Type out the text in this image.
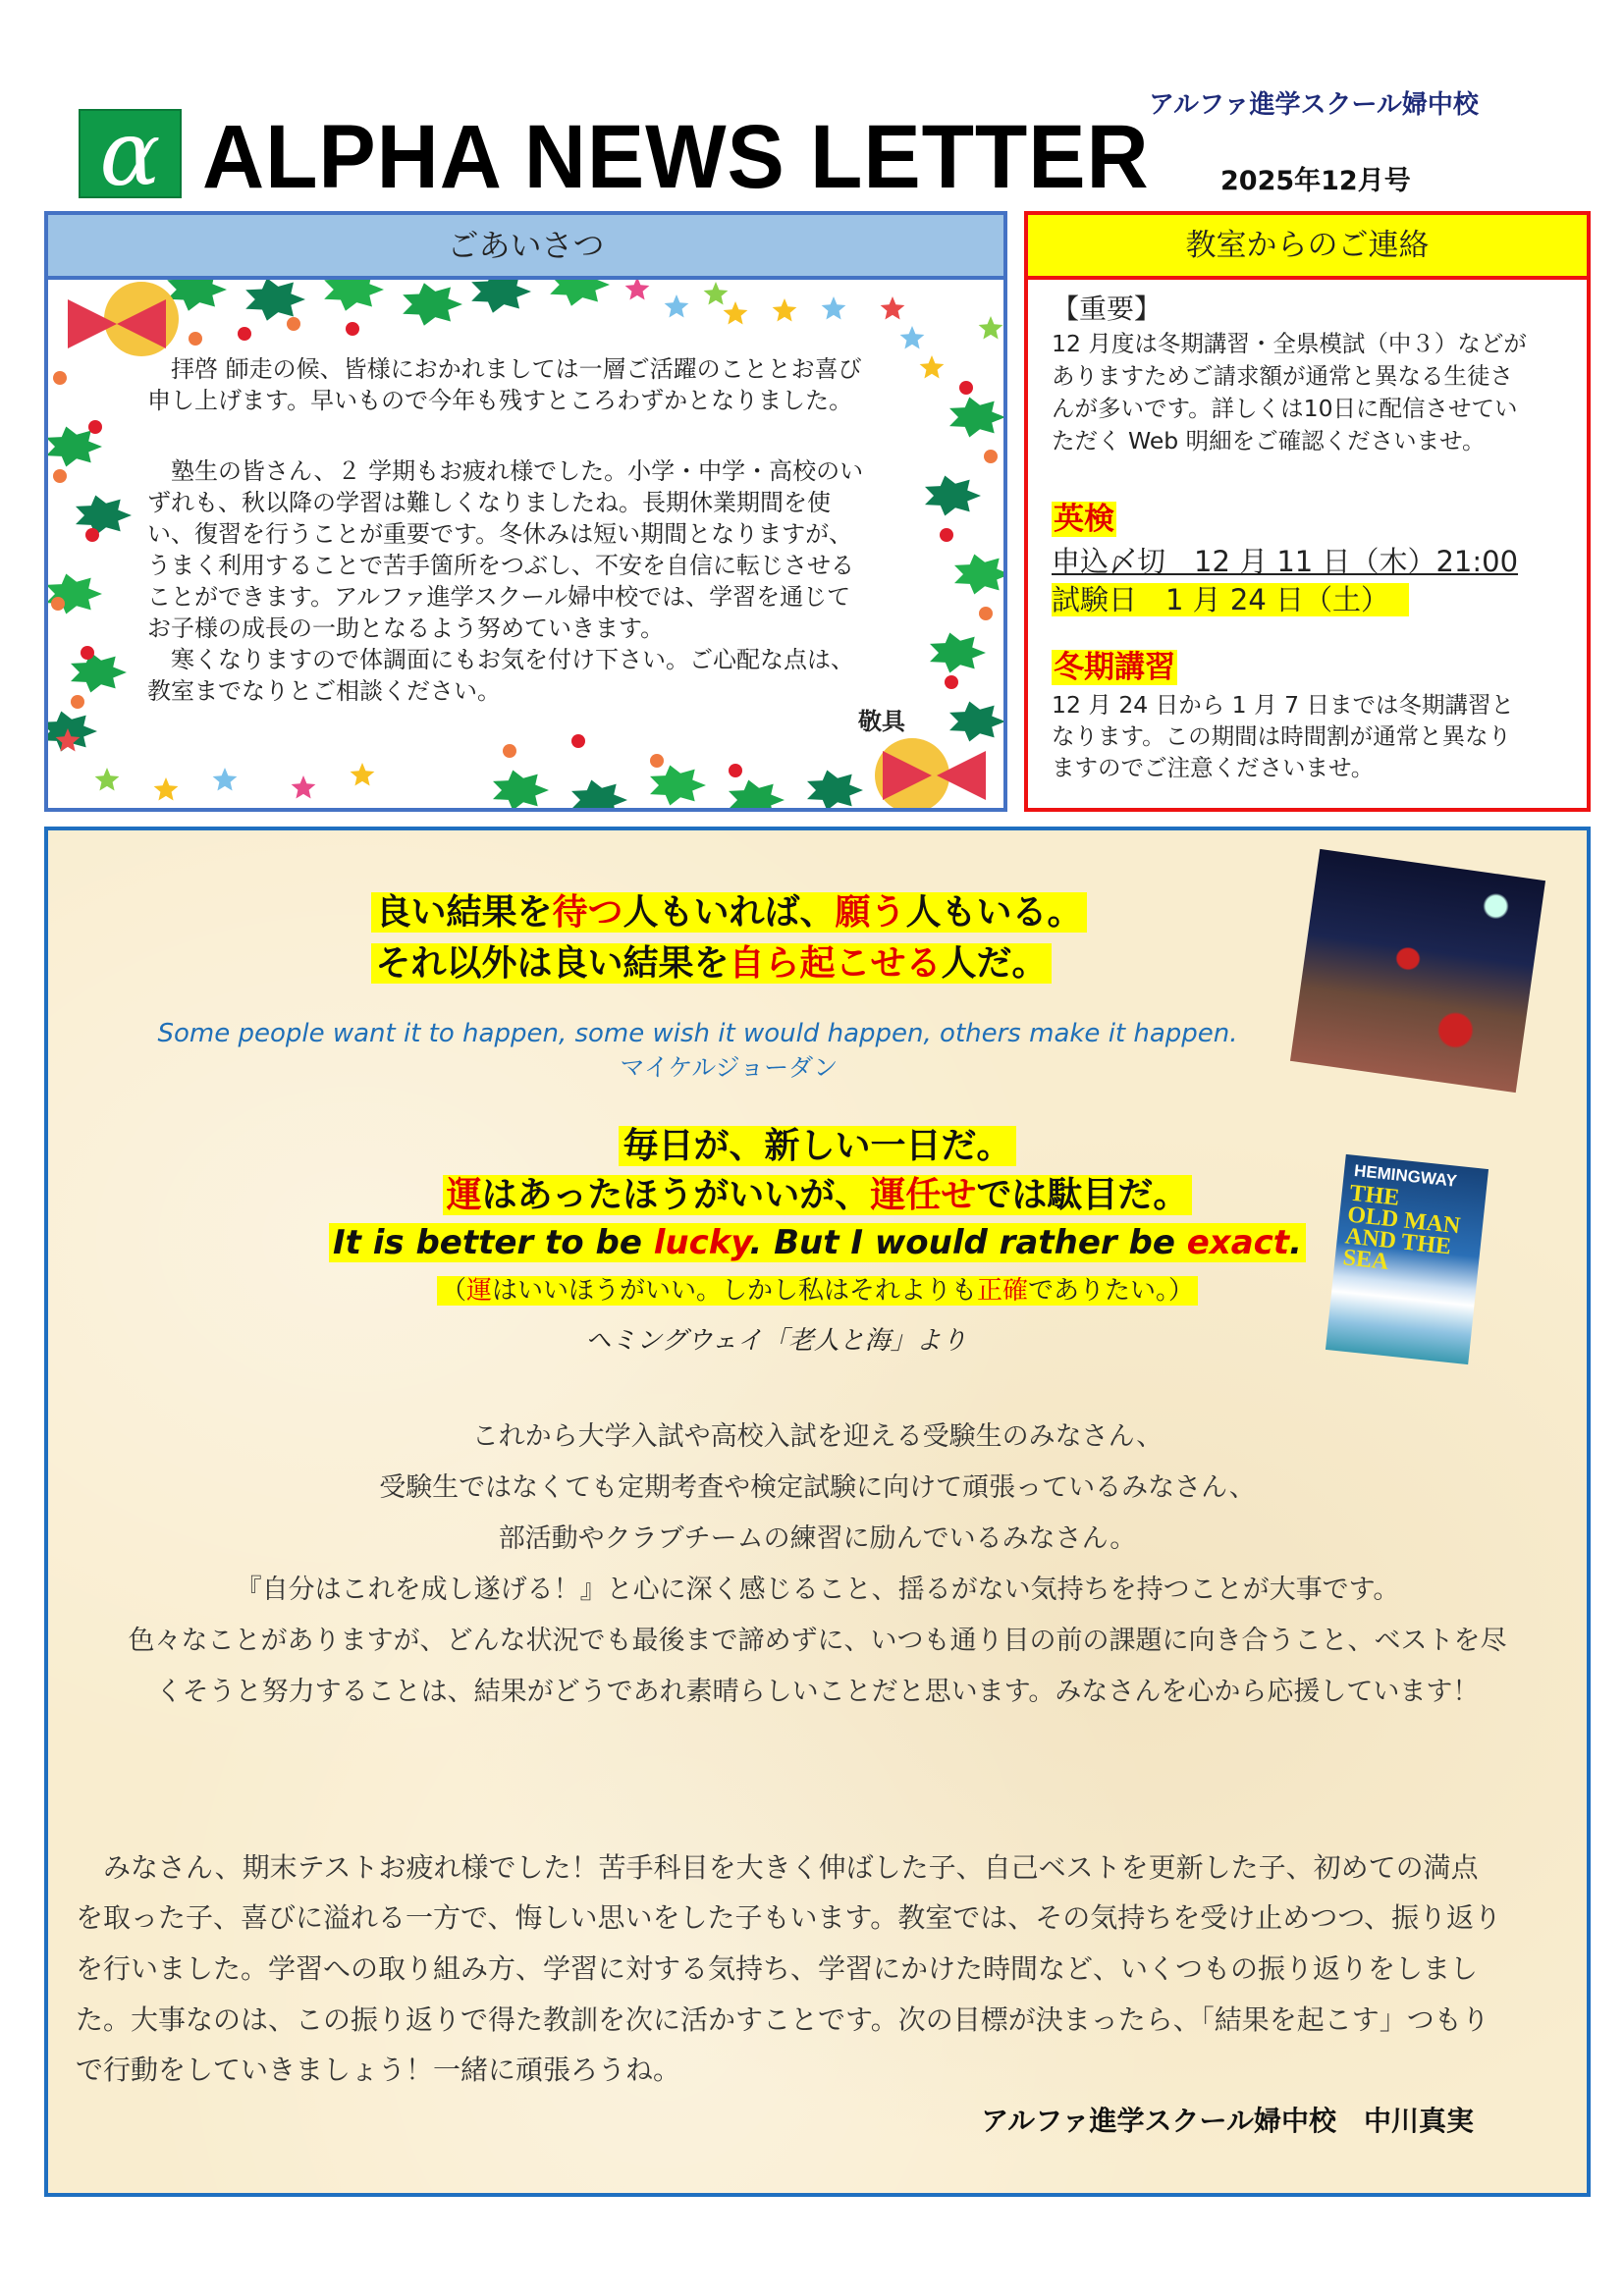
α ALPHA NEWS LETTER
アルファ進学スクール婦中校
2025年12月号
ごあいさつ
　拝啓 師走の候、皆様におかれましては一層ご活躍のこととお喜び
申し上げます。早いもので今年も残すところわずかとなりました。
　塾生の皆さん、２ 学期もお疲れ様でした。小学・中学・高校のい
ずれも、秋以降の学習は難しくなりましたね。長期休業期間を使
い、復習を行うことが重要です。冬休みは短い期間となりますが、
うまく利用することで苦手箇所をつぶし、不安を自信に転じさせる
ことができます。アルファ進学スクール婦中校では、学習を通じて
お子様の成長の一助となるよう努めていきます。
　寒くなりますので体調面にもお気を付け下さい。ご心配な点は、
教室までなりとご相談ください。
敬具
教室からのご連絡
【重要】
12 月度は冬期講習・全県模試（中３）などが
ありますためご請求額が通常と異なる生徒さ
んが多いです。詳しくは10日に配信させてい
ただく Web 明細をご確認くださいませ。
英検
申込〆切　12 月 11 日（木）21:00
試験日　1 月 24 日（土）
冬期講習
12 月 24 日から 1 月 7 日までは冬期講習と
なります。この期間は時間割が通常と異なり
ますのでご注意くださいませ。
良い結果を待つ人もいれば、願う人もいる。
それ以外は良い結果を自ら起こせる人だ。
Some people want it to happen, some wish it would happen, others make it happen.
マイケルジョーダン
毎日が、新しい一日だ。
運はあったほうがいいが、運任せでは駄目だ。
It is better to be lucky. But I would rather be exact.
（運はいいほうがいい。しかし私はそれよりも正確でありたい。）
ヘミングウェイ「老人と海」より
これから大学入試や高校入試を迎える受験生のみなさん、
受験生ではなくても定期考査や検定試験に向けて頑張っているみなさん、
部活動やクラブチームの練習に励んでいるみなさん。
『自分はこれを成し遂げる！』と心に深く感じること、揺るがない気持ちを持つことが大事です。
色々なことがありますが、どんな状況でも最後まで諦めずに、いつも通り目の前の課題に向き合うこと、ベストを尽
くそうと努力することは、結果がどうであれ素晴らしいことだと思います。みなさんを心から応援しています！
　みなさん、期末テストお疲れ様でした！苦手科目を大きく伸ばした子、自己ベストを更新した子、初めての満点
を取った子、喜びに溢れる一方で、悔しい思いをした子もいます。教室では、その気持ちを受け止めつつ、振り返り
を行いました。学習への取り組み方、学習に対する気持ち、学習にかけた時間など、いくつもの振り返りをしまし
た。大事なのは、この振り返りで得た教訓を次に活かすことです。次の目標が決まったら、「結果を起こす」つもり
で行動をしていきましょう！一緒に頑張ろうね。
アルファ進学スクール婦中校　中川真実
HEMINGWAY
THE
OLD MAN
AND THE
SEA
